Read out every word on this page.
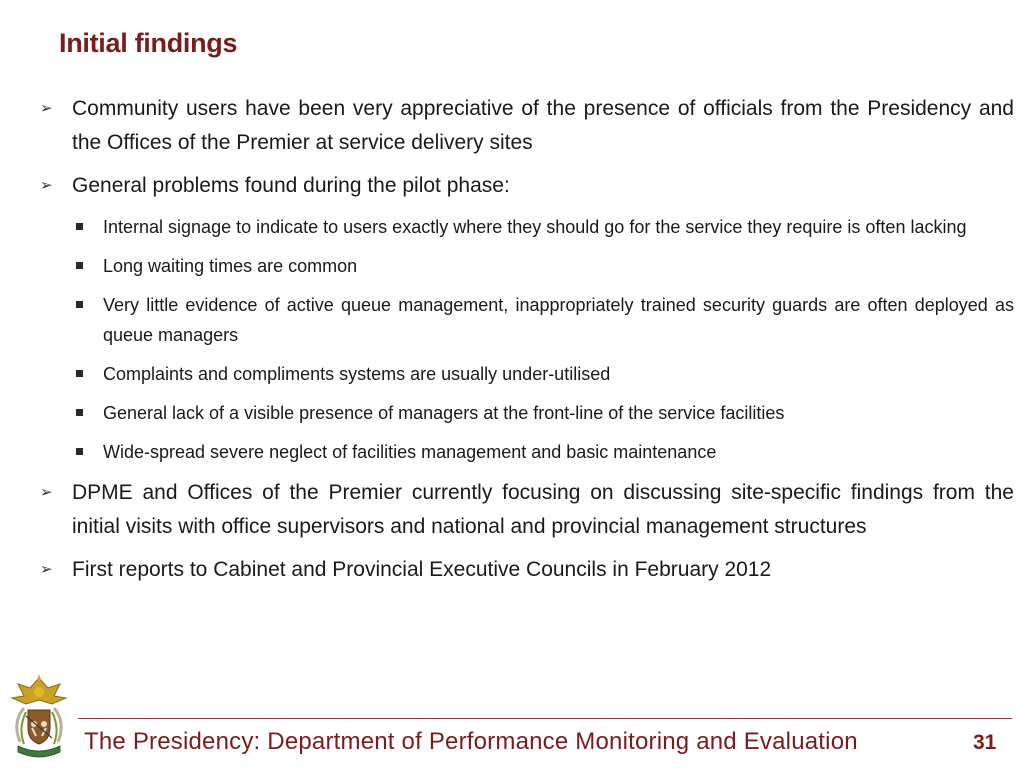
Initial findings
➢ Community users have been very appreciative of the presence of officials from the Presidency and the Offices of the Premier at service delivery sites
➢ General problems found during the pilot phase:
Internal signage to indicate to users exactly where they should go for the service they require is often lacking
Long waiting times are common
Very little evidence of active queue management, inappropriately trained security guards are often deployed as queue managers
Complaints and compliments systems are usually under-utilised
General lack of a visible presence of managers at the front-line of the service facilities
Wide-spread severe neglect of facilities management and basic maintenance
➢ DPME and Offices of the Premier currently focusing on discussing site-specific findings from the initial visits with office supervisors and national and provincial management structures
➢ First reports to Cabinet and Provincial Executive Councils in February 2012
The Presidency: Department of Performance Monitoring and Evaluation	31
